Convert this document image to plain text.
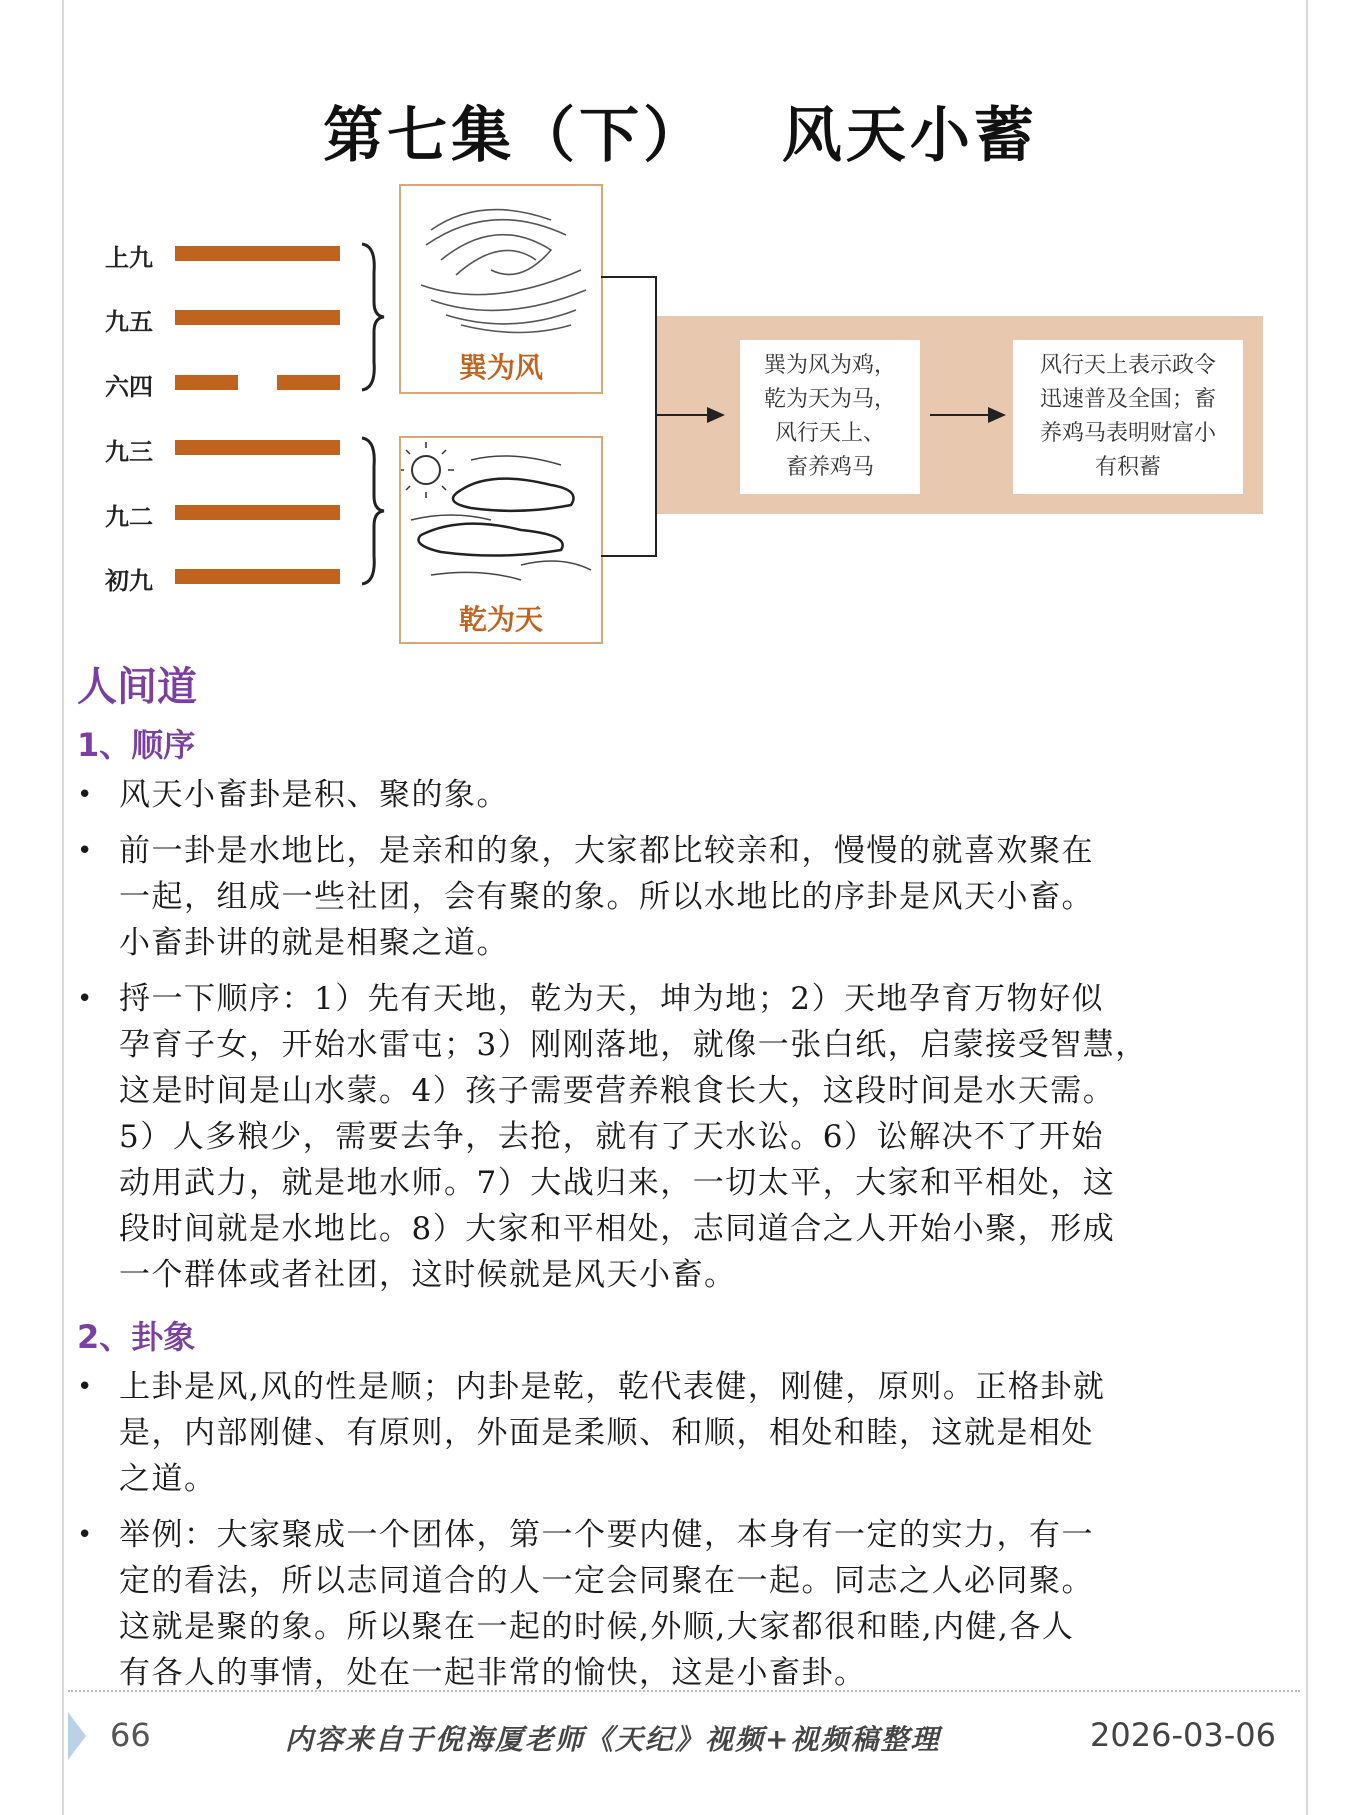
第七集（下）   风天小蓄
上九
九五
六四
九三
九二
初九
巽为风
乾为天
巽为风为鸡，
乾为天为马，
风行天上、
畜养鸡马
风行天上表示政令
迅速普及全国；畜
养鸡马表明财富小
有积蓄
人间道
1、顺序
• 风天小畜卦是积、聚的象。
• 前一卦是水地比，是亲和的象，大家都比较亲和，慢慢的就喜欢聚在
一起，组成一些社团，会有聚的象。所以水地比的序卦是风天小畜。
小畜卦讲的就是相聚之道。
• 捋一下顺序：1）先有天地，乾为天，坤为地；2）天地孕育万物好似
孕育子女，开始水雷屯；3）刚刚落地，就像一张白纸，启蒙接受智慧，
这是时间是山水蒙。4）孩子需要营养粮食长大，这段时间是水天需。
5）人多粮少，需要去争，去抢，就有了天水讼。6）讼解决不了开始
动用武力，就是地水师。7）大战归来，一切太平，大家和平相处，这
段时间就是水地比。8）大家和平相处，志同道合之人开始小聚，形成
一个群体或者社团，这时候就是风天小畜。
2、卦象
• 上卦是风,风的性是顺；内卦是乾，乾代表健，刚健，原则。正格卦就
是，内部刚健、有原则，外面是柔顺、和顺，相处和睦，这就是相处
之道。
• 举例：大家聚成一个团体，第一个要内健，本身有一定的实力，有一
定的看法，所以志同道合的人一定会同聚在一起。同志之人必同聚。
这就是聚的象。所以聚在一起的时候,外顺,大家都很和睦,内健,各人
有各人的事情，处在一起非常的愉快，这是小畜卦。
66	内容来自于倪海厦老师《天纪》视频+视频稿整理	2026-03-06
